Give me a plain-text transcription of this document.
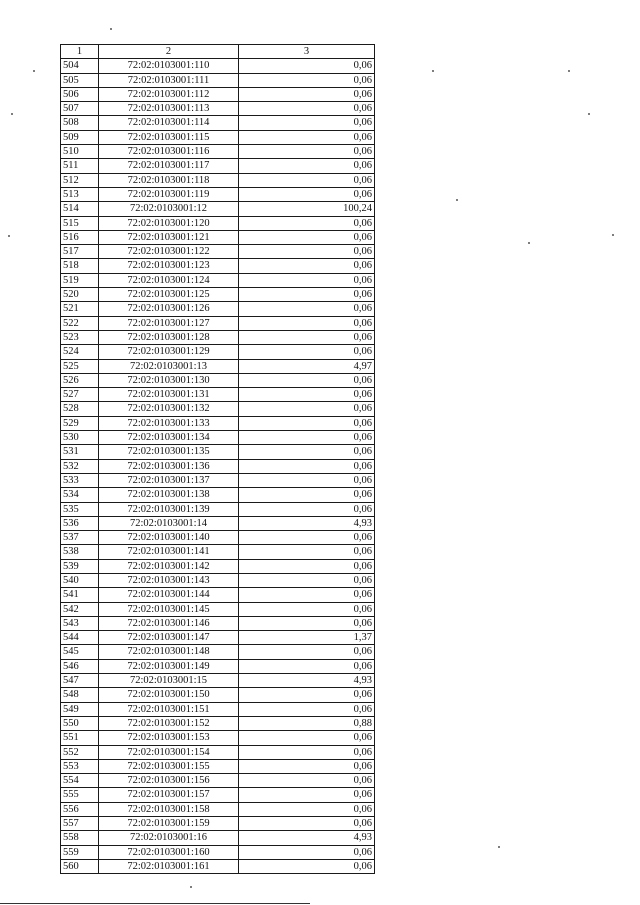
1	2	3
504	72:02:0103001:110	0,06
505	72:02:0103001:111	0,06
506	72:02:0103001:112	0,06
507	72:02:0103001:113	0,06
508	72:02:0103001:114	0,06
509	72:02:0103001:115	0,06
510	72:02:0103001:116	0,06
511	72:02:0103001:117	0,06
512	72:02:0103001:118	0,06
513	72:02:0103001:119	0,06
514	72:02:0103001:12	100,24
515	72:02:0103001:120	0,06
516	72:02:0103001:121	0,06
517	72:02:0103001:122	0,06
518	72:02:0103001:123	0,06
519	72:02:0103001:124	0,06
520	72:02:0103001:125	0,06
521	72:02:0103001:126	0,06
522	72:02:0103001:127	0,06
523	72:02:0103001:128	0,06
524	72:02:0103001:129	0,06
525	72:02:0103001:13	4,97
526	72:02:0103001:130	0,06
527	72:02:0103001:131	0,06
528	72:02:0103001:132	0,06
529	72:02:0103001:133	0,06
530	72:02:0103001:134	0,06
531	72:02:0103001:135	0,06
532	72:02:0103001:136	0,06
533	72:02:0103001:137	0,06
534	72:02:0103001:138	0,06
535	72:02:0103001:139	0,06
536	72:02:0103001:14	4,93
537	72:02:0103001:140	0,06
538	72:02:0103001:141	0,06
539	72:02:0103001:142	0,06
540	72:02:0103001:143	0,06
541	72:02:0103001:144	0,06
542	72:02:0103001:145	0,06
543	72:02:0103001:146	0,06
544	72:02:0103001:147	1,37
545	72:02:0103001:148	0,06
546	72:02:0103001:149	0,06
547	72:02:0103001:15	4,93
548	72:02:0103001:150	0,06
549	72:02:0103001:151	0,06
550	72:02:0103001:152	0,88
551	72:02:0103001:153	0,06
552	72:02:0103001:154	0,06
553	72:02:0103001:155	0,06
554	72:02:0103001:156	0,06
555	72:02:0103001:157	0,06
556	72:02:0103001:158	0,06
557	72:02:0103001:159	0,06
558	72:02:0103001:16	4,93
559	72:02:0103001:160	0,06
560	72:02:0103001:161	0,06
